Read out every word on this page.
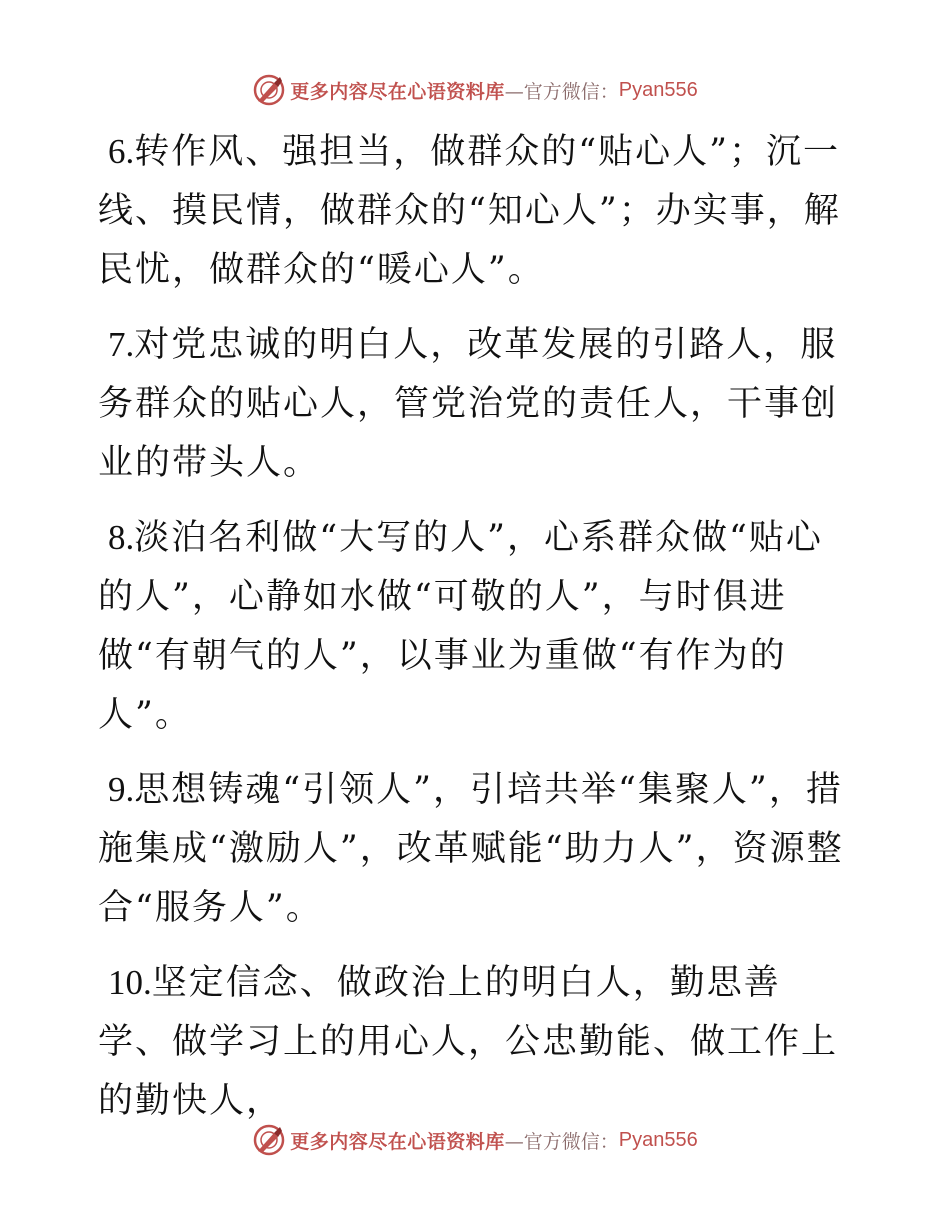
更多内容尽在心语资料库 —官方微信： Pyan556

6.转作风、强担当，做群众的“贴心人”；沉一线、摸民情，做群众的“知心人”；办实事，解民忧，做群众的“暖心人”。

7.对党忠诚的明白人，改革发展的引路人，服务群众的贴心人，管党治党的责任人，干事创业的带头人。

8.淡泊名利做“大写的人”，心系群众做“贴心的人”，心静如水做“可敬的人”，与时俱进做“有朝气的人”，以事业为重做“有作为的人”。

9.思想铸魂“引领人”，引培共举“集聚人”，措施集成“激励人”，改革赋能“助力人”，资源整合“服务人”。

10.坚定信念、做政治上的明白人，勤思善学、做学习上的用心人，公忠勤能、做工作上的勤快人，

更多内容尽在心语资料库 —官方微信： Pyan556
